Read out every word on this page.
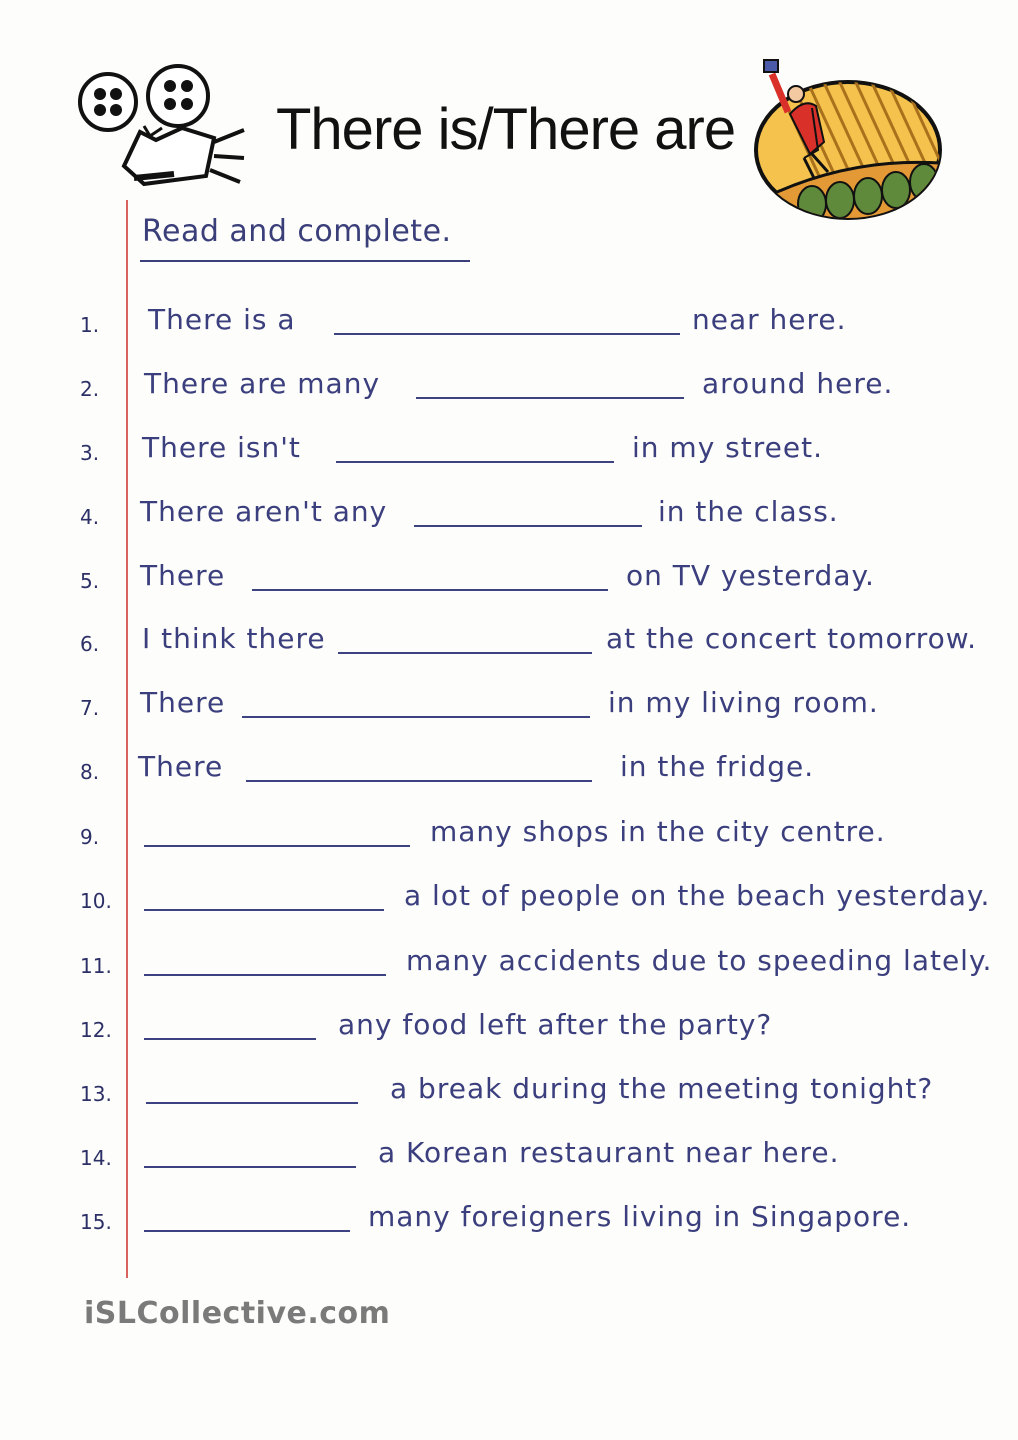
There is/There are
Read and complete.
1. There is a	near here.
2. There are many	around here.
3. There isn't	in my street.
4. There aren't any	in the class.
5. There	on TV yesterday.
6. I think there	at the concert tomorrow.
7. There	in my living room.
8. There	in the fridge.
9.	many shops in the city centre.
10.	a lot of people on the beach yesterday.
11.	many accidents due to speeding lately.
12.	any food left after the party?
13.	a break during the meeting tonight?
14.	a Korean restaurant near here.
15.	many foreigners living in Singapore.
iSLCollective.com
